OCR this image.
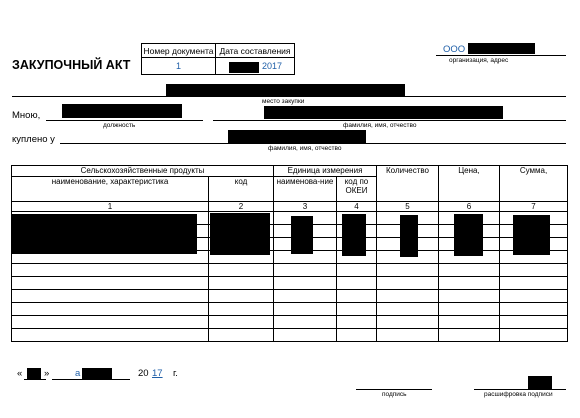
ЗАКУПОЧНЫЙ АКТ
Номер документа	Дата составления
1	2017
ООО
организация, адрес
место закупки
Мною,
должность	фамилия, имя, отчество
куплено у
фамилия, имя, отчество
Сельскохозяйственные продукты		Единица измерения		Количество	Цена,	Сумма,
наименование, характеристика	код	наименова-ние	код по ОКЕИ			
1	2	3	4	5	6	7

« »	а	20 17 г.
подпись	расшифровка подписи
